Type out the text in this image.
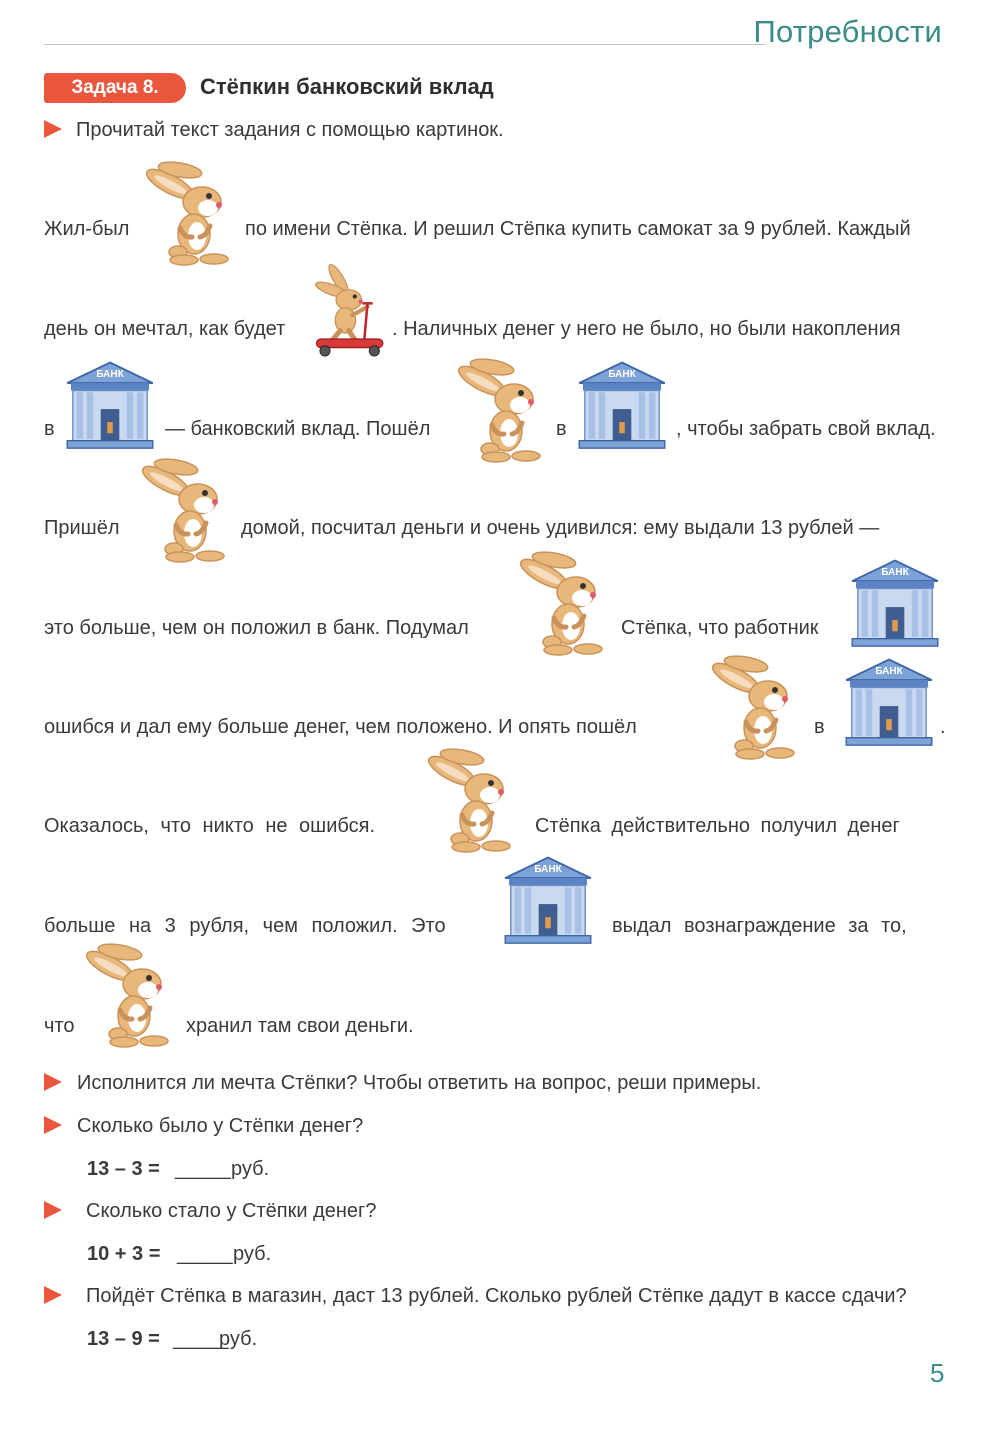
Потребности
Задача 8.	Стёпкин банковский вклад
Прочитай текст задания с помощью картинок.
Жил-был	по имени Стёпка. И решил Стёпка купить самокат за 9 рублей. Каждый
день он мечтал, как будет	. Наличных денег у него не было, но были накопления
в
БАНК
— банковский вклад. Пошёл	в
БАНК
, чтобы забрать свой вклад.
Пришёл	домой, посчитал деньги и очень удивился: ему выдали 13 рублей —
это больше, чем он положил в банк. Подумал	Стёпка, что работник
БАНК
ошибся и дал ему больше денег, чем положено. И опять пошёл	в
БАНК
.
Оказалось, что никто не ошибся.	Стёпка действительно получил денег
больше на 3 рубля, чем положил. Это
БАНК
выдал вознаграждение за то,
что	хранил там свои деньги.
Исполнится ли мечта Стёпки? Чтобы ответить на вопрос, реши примеры.
Сколько было у Стёпки денег?
13 – 3 = _____ руб.
Сколько стало у Стёпки денег?
10 + 3 = _____ руб.
Пойдёт Стёпка в магазин, даст 13 рублей. Сколько рублей Стёпке дадут в кассе сдачи?
13 – 9 = _____
руб.
5
